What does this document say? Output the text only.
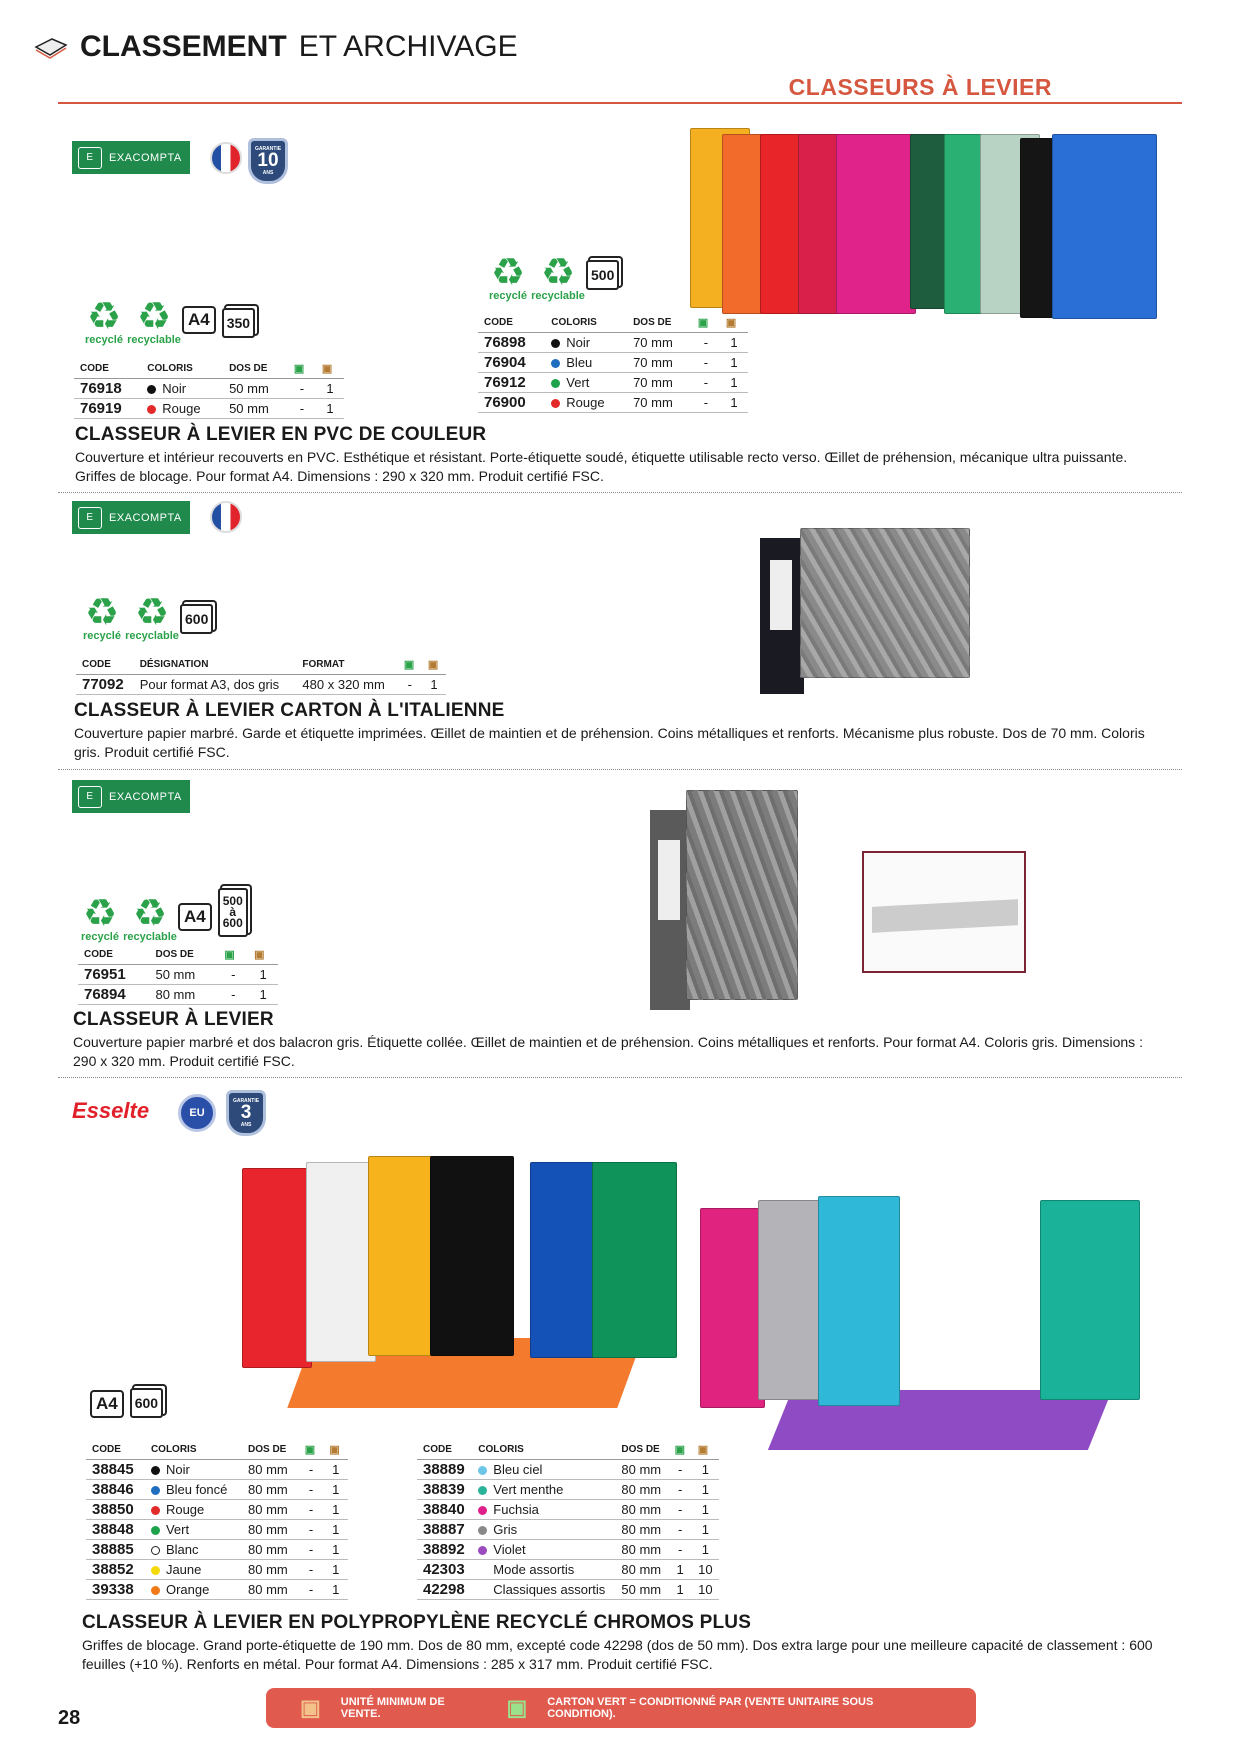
CLASSEMENT ET ARCHIVAGE
CLASSEURS À LEVIER
E	EXACOMPTA
GARANTIE
10
ANS
♻
recyclé
♻
recyclable
A4	350
CODE	COLORIS	DOS DE	▣	▣
76918	Noir	50 mm	-	1
76919	Rouge	50 mm	-	1
♻
recyclé
♻
recyclable
500
CODE	COLORIS	DOS DE	▣	▣
76898	Noir	70 mm	-	1
76904	Bleu	70 mm	-	1
76912	Vert	70 mm	-	1
76900	Rouge	70 mm	-	1
CLASSEUR À LEVIER EN PVC DE COULEUR
Couverture et intérieur recouverts en PVC. Esthétique et résistant. Porte-étiquette soudé, étiquette utilisable recto verso. Œillet de préhension, mécanique ultra puissante. Griffes de blocage. Pour format A4. Dimensions : 290 x 320 mm. Produit certifié FSC.
E	EXACOMPTA
♻
recyclé
♻
recyclable
600
CODE	DÉSIGNATION	FORMAT	▣	▣
77092	Pour format A3, dos gris	480 x 320 mm	-	1
CLASSEUR À LEVIER CARTON À L'ITALIENNE
Couverture papier marbré. Garde et étiquette imprimées. Œillet de maintien et de préhension. Coins métalliques et renforts. Mécanisme plus robuste. Dos de 70 mm. Coloris gris. Produit certifié FSC.
E	EXACOMPTA
♻
recyclé
♻
recyclable
A4
500
à
600
CODE	DOS DE	▣	▣
76951	50 mm	-	1
76894	80 mm	-	1
CLASSEUR À LEVIER
Couverture papier marbré et dos balacron gris. Étiquette collée. Œillet de maintien et de préhension. Coins métalliques et renforts. Pour format A4. Coloris gris. Dimensions : 290 x 320 mm. Produit certifié FSC.
Esselte	EU
GARANTIE
3
ANS
A4	600
CODE	COLORIS	DOS DE	▣	▣
38845	Noir	80 mm	-	1
38846	Bleu foncé	80 mm	-	1
38850	Rouge	80 mm	-	1
38848	Vert	80 mm	-	1
38885	Blanc	80 mm	-	1
38852	Jaune	80 mm	-	1
39338	Orange	80 mm	-	1
CODE	COLORIS	DOS DE	▣	▣
38889	Bleu ciel	80 mm	-	1
38839	Vert menthe	80 mm	-	1
38840	Fuchsia	80 mm	-	1
38887	Gris	80 mm	-	1
38892	Violet	80 mm	-	1
42303	Mode assortis	80 mm	1	10
42298	Classiques assortis	50 mm	1	10
CLASSEUR À LEVIER EN POLYPROPYLÈNE RECYCLÉ CHROMOS PLUS
Griffes de blocage. Grand porte-étiquette de 190 mm. Dos de 80 mm, excepté code 42298 (dos de 50 mm). Dos extra large pour une meilleure capacité de classement : 600 feuilles (+10 %). Renforts en métal. Pour format A4. Dimensions : 285 x 317 mm. Produit certifié FSC.
28	▣ UNITÉ MINIMUM DE VENTE.	▣ CARTON VERT = CONDITIONNÉ PAR (VENTE UNITAIRE SOUS CONDITION).
